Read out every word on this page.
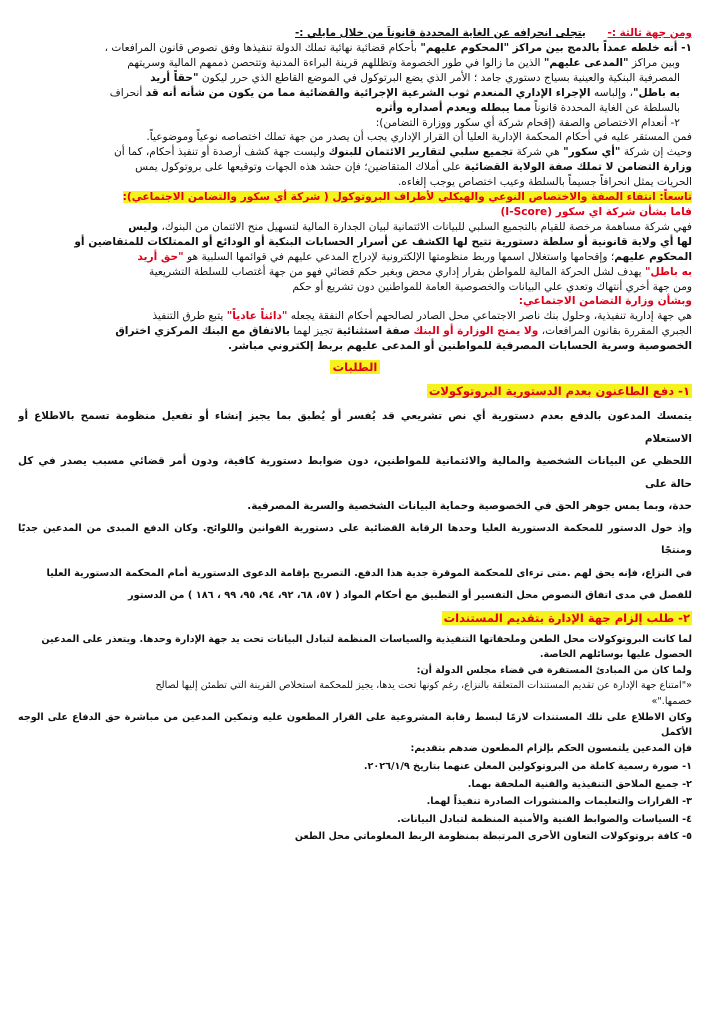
ومن جهة ثالثة :-      يتجلى انحرافه عن الغاية المحددة قانوناً من خلال مايلي :-

١- أنه خلطه عمداً بالدمج بين مراكز "المحكوم عليهم" بأحكام قضائية نهائية تملك الدولة تنفيذها وفق نصوص قانون المرافعات ،

وبين مراكز "المدعى عليهم" الذين ما زالوا في طور الخصومة وتظللهم قرينة البراءة المدنية وتتحصن ذممهم المالية وسريتهم

المصرفية البنكية والعينية بسياج دستوري جامد ؛ الأمر الذي يضع البرتوكول في الموضع القاطع الذي حرر ليكون "حقاً أريد

به باطل"، وإلباسه الإجراء الإداري المنعدم ثوب الشرعية الإجرائية والقضائية مما من يكون من شأنه أنه قد أنحراف

بالسلطة عن الغاية المحددة قانوناً مما يبطله ويعدم أصداره وأثره

٢- أنعدام الاختصاص والصفة (إقحام شركة أي سكور ووزارة التضامن):

فمن المستقر عليه في أحكام المحكمة الإدارية العليا أن القرار الإداري يجب أن يصدر من جهة تملك اختصاصه نوعياً وموضوعياً.

وحيث إن شركة "أي سكور" هي شركة تجميع سلبي لتقارير الائتمان للبنوك وليست جهة كشف أرصدة أو تنفيذ أحكام، كما أن

وزارة التضامن لا تملك صفة الولاية القضائية على أملاك المتقاضين؛ فإن حشد هذه الجهات وتوقيعها على بروتوكول يمس

الحريات يمثل انحرافاً جسيماً بالسلطة وعيب اختصاص يوجب إلغاءه.

تاسعاً: انتفاء الصفة والاختصاص النوعي والهيكلي لأطراف البروتوكول ( شركة أي سكور والتضامن الاجتماعي):

فاما بشأن شركة اي سكور (I-Score)

فهي شركة مساهمة مرخصة للقيام بالتجميع السلبي للبيانات الائتمانية لبيان الجدارة المالية لتسهيل منح الائتمان من البنوك، وليس

لها أي ولاية قانونية أو سلطة دستورية تتيح لها الكشف عن أسرار الحسابات البنكية أو الودائع أو الممتلكات للمتقاضين أو

المحكوم عليهم؛ وإقحامها واستغلال اسمها وربط منظومتها الإلكترونية لإدراج المدعي عليهم في قوائمها السلبية هو "حق أريد

به باطل" يهدف لشل الحركة المالية للمواطن بقرار إداري محض وبغير حكم قضائي فهو من جهة أغتصاب للسلطة التشريعية

ومن جهة أخري أنتهاك وتعدي علي البيانات والخصوصية العامة للمواطنين دون تشريع أو حكم

وبشأن وزارة التضامن الاجتماعي:

هي جهة إدارية تنفيذية، وحلول بنك ناصر الاجتماعي محل الصادر لصالحهم أحكام النفقة يجعله "دائناً عادياً" يتبع طرق التنفيذ

الجبري المقررة بقانون المرافعات، ولا يمنح الوزارة أو البنك صفة استثنائية تجيز لهما بالاتفاق مع البنك المركزي اختراق

الخصوصية وسرية الحسابات المصرفية للمواطنين أو المدعى عليهم بربط إلكتروني مباشر.

الطلبات
١- دفع الطاعنون بعدم الدستورية البروتوكولات

يتمسك المدعون بالدفع بعدم دستورية أي نص تشريعي قد يُفسر أو يُطبق بما يجيز إنشاء أو تفعيل منظومة تسمح بالاطلاع أو الاستعلام

اللحظي عن البيانات الشخصية والمالية والائتمانية للمواطنين، دون ضوابط دستورية كافية، ودون أمر قضائي مسبب يصدر في كل حالة على

حدة، وبما يمس جوهر الحق في الخصوصية وحماية البيانات الشخصية والسرية المصرفية.

وإذ خول الدستور للمحكمة الدستورية العليا وحدها الرقابة القضائية على دستورية القوانين واللوائح. وكان الدفع المبدى من المدعين جديًا ومنتجًا

في النزاع، فإنه يحق لهم .متى ترءاى للمحكمة الموقرة جدية هذا الدفع. التصريح بإقامة الدعوى الدستورية أمام المحكمة الدستورية العليا

للفصل في مدى اتفاق النصوص محل التفسير أو التطبيق مع أحكام المواد ( ٥٧، ٦٨، ٩٢، ٩٤، ٩٥، ٩٩ ، ١٨٦ ) من الدستور

٢- طلب إلزام جهة الإدارة بتقديم المستندات

لما كانت البروتوكولات محل الطعن وملحقاتها التنفيذية والسياسات المنظمة لتبادل البيانات تحت يد جهة الإدارة وحدها. ويتعذر على المدعين

الحصول عليها بوسائلهم الخاصة.

ولما كان من المبادئ المستقرة في قضاء مجلس الدولة أن:

«"امتناع جهة الإدارة عن تقديم المستندات المتعلقة بالنزاع، رغم كونها تحت يدها، يجيز للمحكمة استخلاص القرينة التي تطمئن إليها لصالح

خصمها."»

وكان الاطلاع على تلك المستندات لازمًا لبسط رقابة المشروعية على القرار المطعون عليه وتمكين المدعين من مباشرة حق الدفاع على الوجه الأكمل

فإن المدعين يلتمسون الحكم بإلزام المطعون ضدهم بتقديم:

١- صورة رسمية كاملة من البروتوكولين المعلن عنهما بتاريخ ٢٠٢٦/١/٩.

٢- جميع الملاحق التنفيذية والفنية الملحقة بهما.

٣- القرارات والتعليمات والمنشورات الصادرة تنفيذاً لهما.

٤- السياسات والضوابط الفنية والأمنية المنظمة لتبادل البيانات.

٥- كافة بروتوكولات التعاون الأخرى المرتبطة بمنظومة الربط المعلوماتي محل الطعن
